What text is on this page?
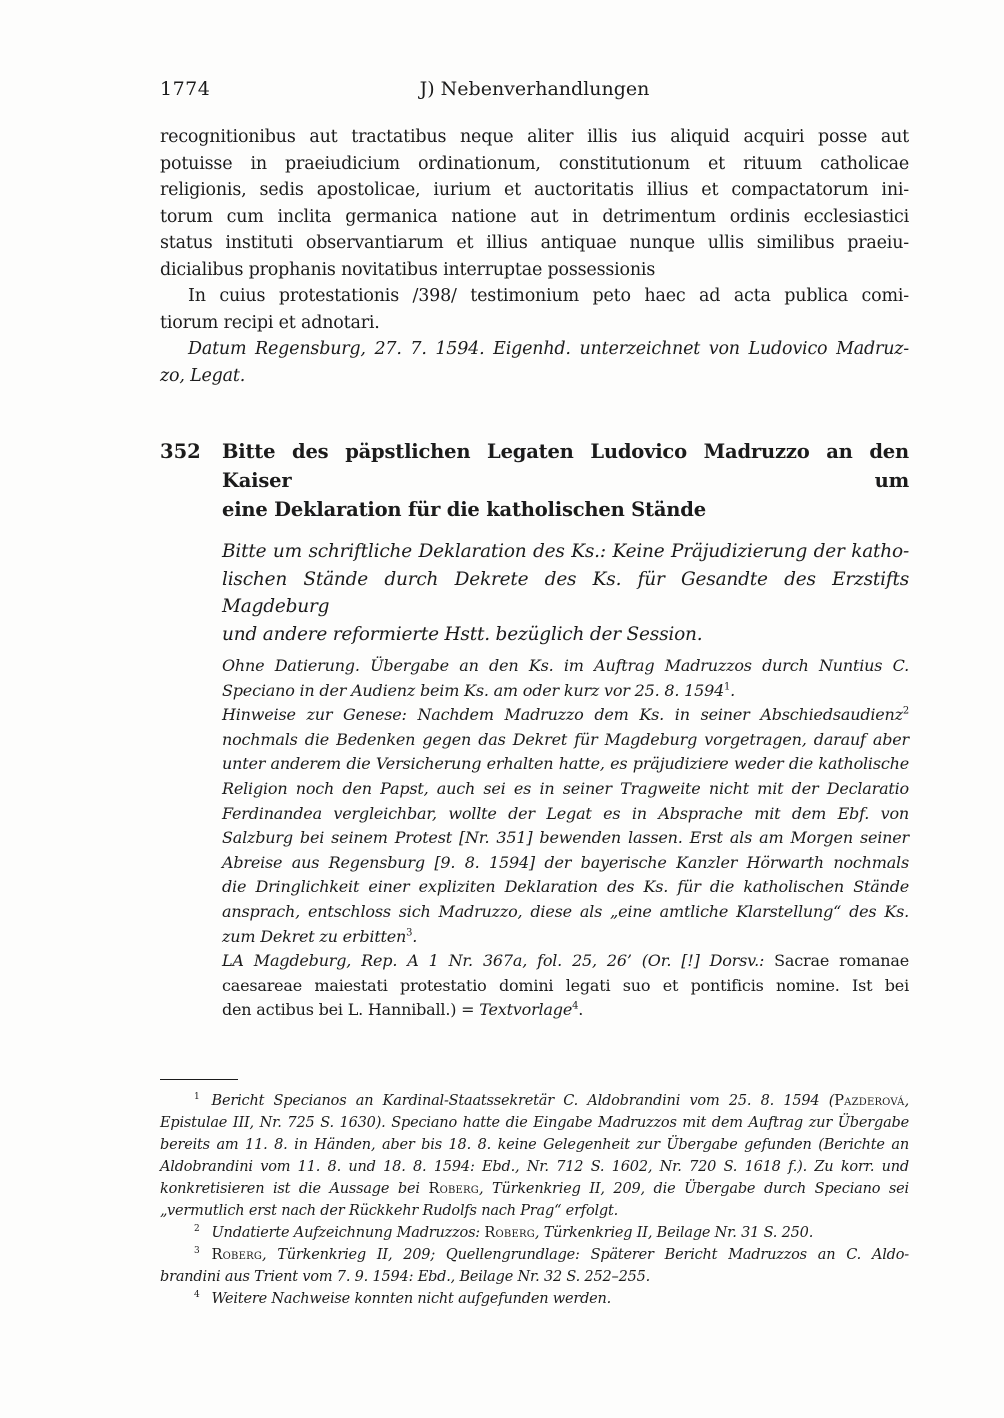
1774	J) Nebenverhandlungen
recognitionibus aut tractatibus neque aliter illis ius aliquid acquiri posse aut
potuisse in praeiudicium ordinationum, constitutionum et rituum catholicae
religionis, sedis apostolicae, iurium et auctoritatis illius et compactatorum ini-
torum cum inclita germanica natione aut in detrimentum ordinis ecclesiastici
status instituti observantiarum et illius antiquae nunque ullis similibus praeiu-
dicialibus prophanis novitatibus interruptae possessionis
In cuius protestationis /398/ testimonium peto haec ad acta publica comi-
tiorum recipi et adnotari.
Datum Regensburg, 27. 7. 1594. Eigenhd. unterzeichnet von Ludovico Madruz-
zo, Legat.
352	Bitte des päpstlichen Legaten Ludovico Madruzzo an den Kaiser um
eine Deklaration für die katholischen Stände
Bitte um schriftliche Deklaration des Ks.: Keine Präjudizierung der katho-
lischen Stände durch Dekrete des Ks. für Gesandte des Erzstifts Magdeburg
und andere reformierte Hstt. bezüglich der Session.
Ohne Datierung. Übergabe an den Ks. im Auftrag Madruzzos durch Nuntius C.
Speciano in der Audienz beim Ks. am oder kurz vor 25. 8. 1594$^1$.
Hinweise zur Genese: Nachdem Madruzzo dem Ks. in seiner Abschiedsaudienz$^2$
nochmals die Bedenken gegen das Dekret für Magdeburg vorgetragen, darauf aber
unter anderem die Versicherung erhalten hatte, es präjudiziere weder die katholische
Religion noch den Papst, auch sei es in seiner Tragweite nicht mit der Declaratio
Ferdinandea vergleichbar, wollte der Legat es in Absprache mit dem Ebf. von
Salzburg bei seinem Protest [Nr. 351] bewenden lassen. Erst als am Morgen seiner
Abreise aus Regensburg [9. 8. 1594] der bayerische Kanzler Hörwarth nochmals
die Dringlichkeit einer expliziten Deklaration des Ks. für die katholischen Stände
ansprach, entschloss sich Madruzzo, diese als „eine amtliche Klarstellung“ des Ks.
zum Dekret zu erbitten$^3$.
LA Magdeburg, Rep. A 1 Nr. 367a, fol. 25, 26’ (Or. [!] Dorsv.: Sacrae romanae
caesareae maiestati protestatio domini legati suo et pontificis nomine. Ist bei
den actibus bei L. Hanniball.) = Textvorlage$^4$.
$^1$ Bericht Specianos an Kardinal-Staatssekretär C. Aldobrandini vom 25. 8. 1594 (Pazderová,
Epistulae III, Nr. 725 S. 1630). Speciano hatte die Eingabe Madruzzos mit dem Auftrag zur Übergabe
bereits am 11. 8. in Händen, aber bis 18. 8. keine Gelegenheit zur Übergabe gefunden (Berichte an
Aldobrandini vom 11. 8. und 18. 8. 1594: Ebd., Nr. 712 S. 1602, Nr. 720 S. 1618 f.). Zu korr. und
konkretisieren ist die Aussage bei Roberg, Türkenkrieg II, 209, die Übergabe durch Speciano sei
„vermutlich erst nach der Rückkehr Rudolfs nach Prag“ erfolgt.
$^2$ Undatierte Aufzeichnung Madruzzos: Roberg, Türkenkrieg II, Beilage Nr. 31 S. 250.
$^3$ Roberg, Türkenkrieg II, 209; Quellengrundlage: Späterer Bericht Madruzzos an C. Aldo-
brandini aus Trient vom 7. 9. 1594: Ebd., Beilage Nr. 32 S. 252–255.
$^4$ Weitere Nachweise konnten nicht aufgefunden werden.
